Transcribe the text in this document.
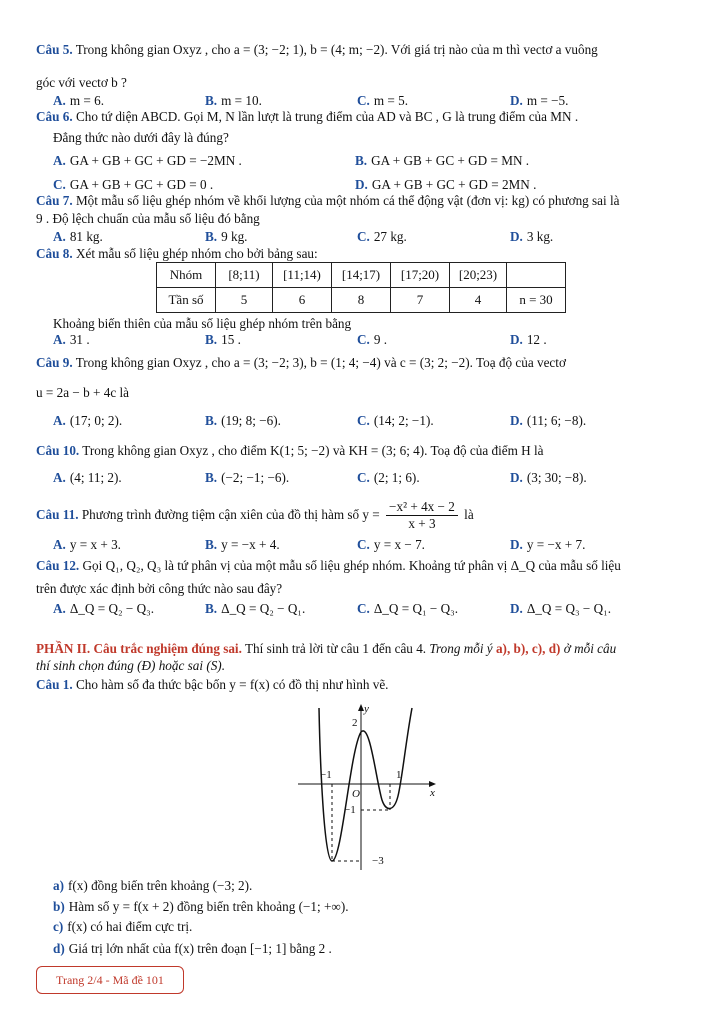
Câu 5. Trong không gian Oxyz , cho a = (3; −2; 1), b = (4; m; −2). Với giá trị nào của m thì vectơ a vuông
góc với vectơ b ?
A. m = 6.	B. m = 10.	C. m = 5.	D. m = −5.
Câu 6. Cho tứ diện ABCD. Gọi M, N lần lượt là trung điểm của AD và BC , G là trung điểm của MN .
Đẳng thức nào dưới đây là đúng?
A. GA + GB + GC + GD = −2MN .	B. GA + GB + GC + GD = MN .
C. GA + GB + GC + GD = 0 .	D. GA + GB + GC + GD = 2MN .
Câu 7. Một mẫu số liệu ghép nhóm về khối lượng của một nhóm cá thể động vật (đơn vị: kg) có phương sai là
9 . Độ lệch chuẩn của mẫu số liệu đó bằng
A. 81 kg.	B. 9 kg.	C. 27 kg.	D. 3 kg.
Câu 8. Xét mẫu số liệu ghép nhóm cho bởi bảng sau:
Nhóm	[8;11)	[11;14)	[14;17)	[17;20)	[20;23)	
Tần số	5	6	8	7	4	n = 30
Khoảng biến thiên của mẫu số liệu ghép nhóm trên bằng
A. 31 .	B. 15 .	C. 9 .	D. 12 .
Câu 9. Trong không gian Oxyz , cho a = (3; −2; 3), b = (1; 4; −4) và c = (3; 2; −2). Toạ độ của vectơ
u = 2a − b + 4c là
A. (17; 0; 2).	B. (19; 8; −6).	C. (14; 2; −1).	D. (11; 6; −8).
Câu 10. Trong không gian Oxyz , cho điểm K(1; 5; −2) và KH = (3; 6; 4). Toạ độ của điểm H là
A. (4; 11; 2).	B. (−2; −1; −6).	C. (2; 1; 6).	D. (3; 30; −8).
Câu 11. Phương trình đường tiệm cận xiên của đồ thị hàm số $y = \frac{\text{−x² + 4x − 2}}{x + 3}$ là
A. y = x + 3.	B. y = −x + 4.	C. y = x − 7.	D. y = −x + 7.
Câu 12. Gọi Q₁, Q₂, Q₃ là tứ phân vị của một mẫu số liệu ghép nhóm. Khoảng tứ phân vị Δ_Q của mẫu số liệu
trên được xác định bởi công thức nào sau đây?
A. Δ_Q = Q₂ − Q₃.	B. Δ_Q = Q₂ − Q₁.	C. Δ_Q = Q₁ − Q₃.	D. Δ_Q = Q₃ − Q₁.
PHẦN II. Câu trắc nghiệm đúng sai. Thí sinh trả lời từ câu 1 đến câu 4. Trong mỗi ý a), b), c), d) ở mỗi câu
thí sinh chọn đúng (Đ) hoặc sai (S).
Câu 1. Cho hàm số đa thức bậc bốn y = f(x) có đồ thị như hình vẽ.
y
x
O
2
−1	1
−1
−3
a) f(x) đồng biến trên khoảng (−3; 2).
b) Hàm số y = f(x + 2) đồng biến trên khoảng (−1; +∞).
c) f(x) có hai điểm cực trị.
d) Giá trị lớn nhất của f(x) trên đoạn [−1; 1] bằng 2 .
Trang 2/4 - Mã đề 101
